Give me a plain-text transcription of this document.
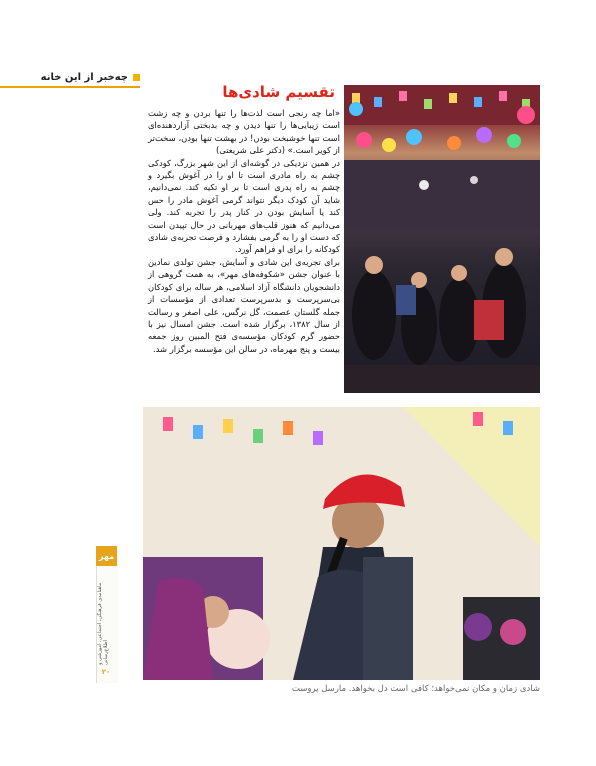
چه‌خبر از این خانه
تقسیم شادی‌ها

«اما چه رنجی است لذت‌ها را تنها بردن و چه زشت است زیبایی‌ها را تنها دیدن و چه بدبختی آزاردهنده‌ای است تنها خوشبخت بودن! در بهشت تنها بودن، سخت‌تر از کویر است.» (دکتر علی شریعتی)

در همین نزدیکی در گوشه‌ای از این شهر بزرگ، کودکی چشم به راه مادری است تا او را در آغوش بگیرد و چشم به راه پدری است تا بر او تکیه کند. نمی‌دانیم، شاید آن کودک دیگر نتواند گرمی آغوش مادر را حس کند یا آسایش بودن در کنار پدر را تجربه کند. ولی می‌دانیم که هنوز قلب‌های مهربانی در حال تپیدن است که دست او را به گرمی بفشارد و فرصت تجربه‌ی شادی کودکانه را برای او فراهم آورد.

برای تجربه‌ی این شادی و آسایش، جشن تولدی نمادین با عنوان جشن «شکوفه‌های مهر»، به همت گروهی از دانشجویان دانشگاه آزاد اسلامی، هر ساله برای کودکان بی‌سرپرست و بدسرپرست تعدادی از مؤسسات از جمله گلستان عصمت، گل نرگس، علی اصغر و رسالت از سال ۱۳۸۲، برگزار شده است. جشن امسال نیز با حضور گرم کودکان مؤسسه‌ی فتح المبین روز جمعه بیست و پنج مهرماه، در سالن این مؤسسه برگزار شد.

شادی زمان و مکان نمی‌خواهد؛ کافی است دل بخواهد. مارسل پروست
مهر
ماهنامه‌ی فرهنگی، اجتماعی، آموزشی و اطلاع‌رسانی
۲۰
